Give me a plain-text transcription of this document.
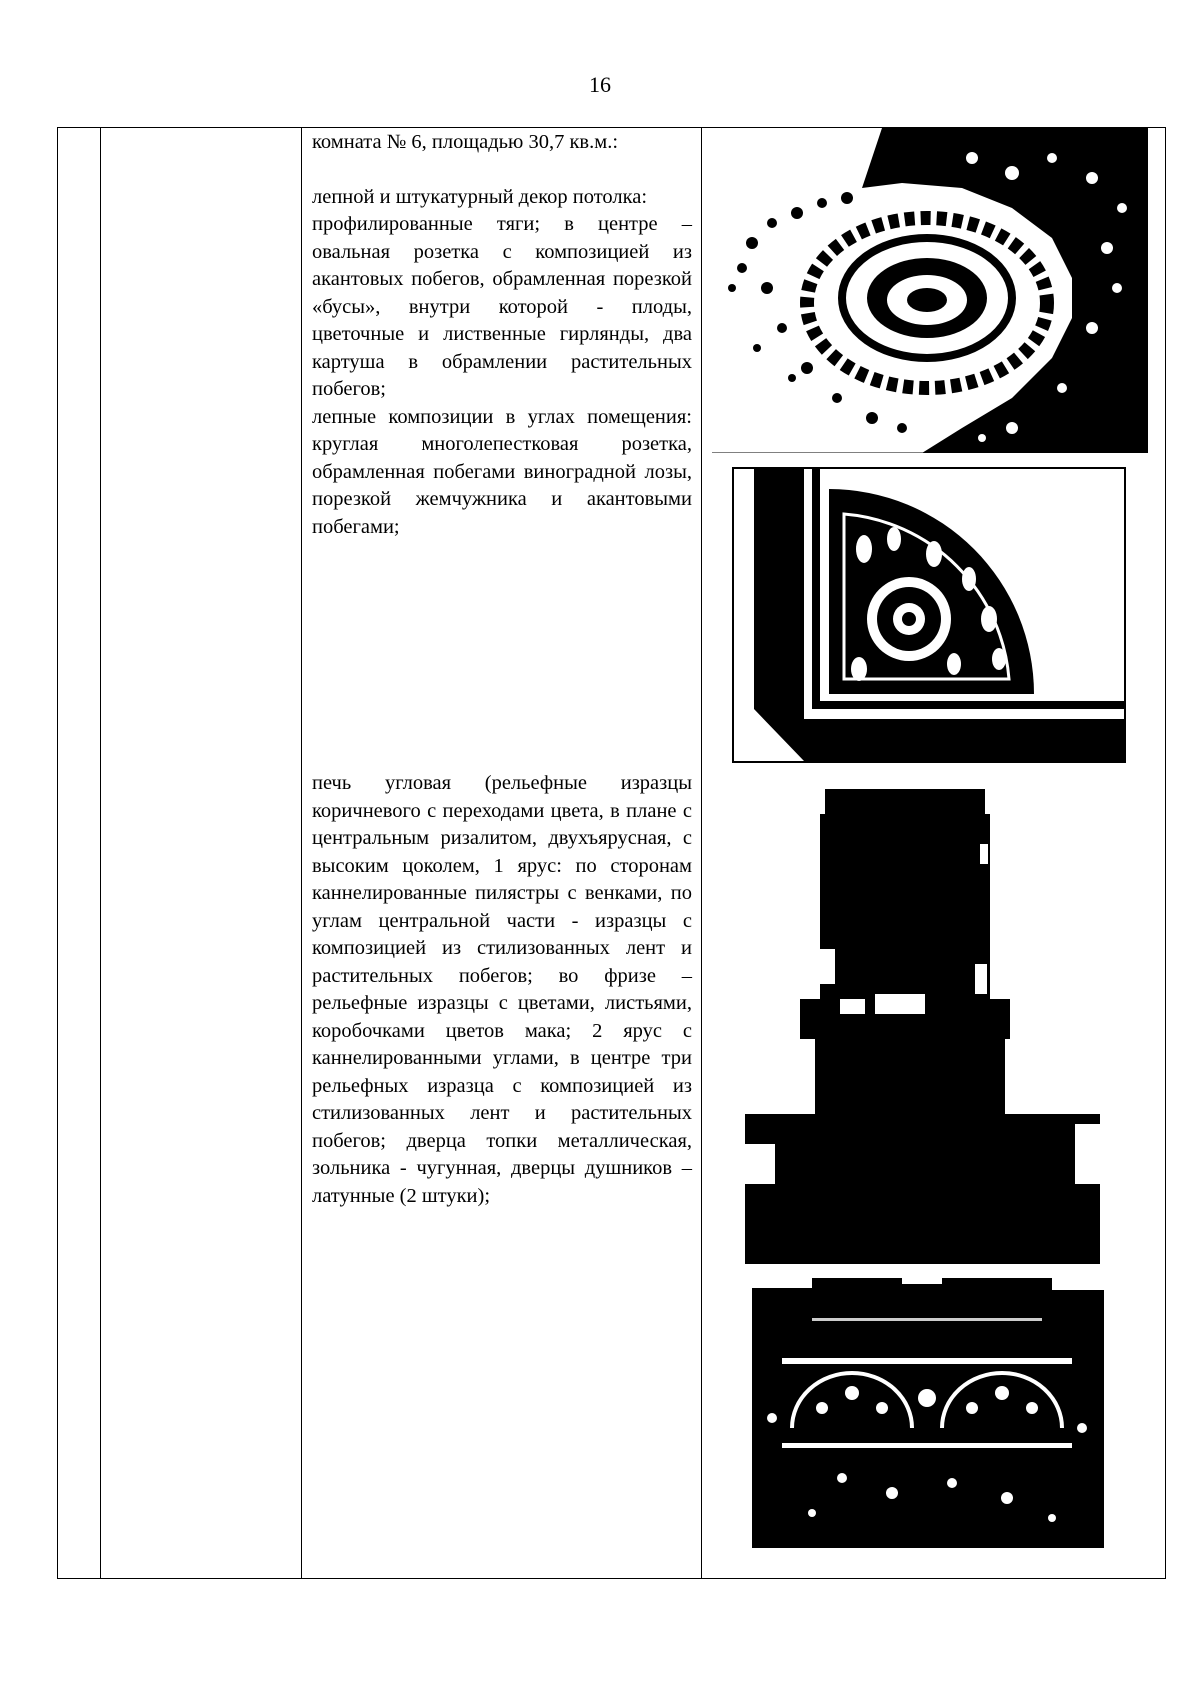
16

комната № 6, площадью 30,7 кв.м.:

лепной и штукатурный декор потолка:

профилированные тяги; в центре – овальная розетка с композицией из акантовых побегов, обрамленная порезкой «бусы», внутри которой - плоды, цветочные и лиственные гирлянды, два картуша в обрамлении растительных побегов;

лепные композиции в углах помещения: круглая многолепестковая розетка, обрамленная побегами виноградной лозы, порезкой жемчужника и акантовыми побегами;

печь угловая (рельефные изразцы коричневого с переходами цвета, в плане с центральным ризалитом, двухъярусная, с высоким цоколем, 1 ярус: по сторонам каннелированные пилястры с венками, по углам центральной части - изразцы с композицией из стилизованных лент и растительных побегов; во фризе – рельефные изразцы с цветами, листьями, коробочками цветов мака; 2 ярус с каннелированными углами, в центре три рельефных изразца с композицией из стилизованных лент и растительных побегов; дверца топки металлическая, зольника - чугунная, дверцы душников – латунные (2 штуки);
